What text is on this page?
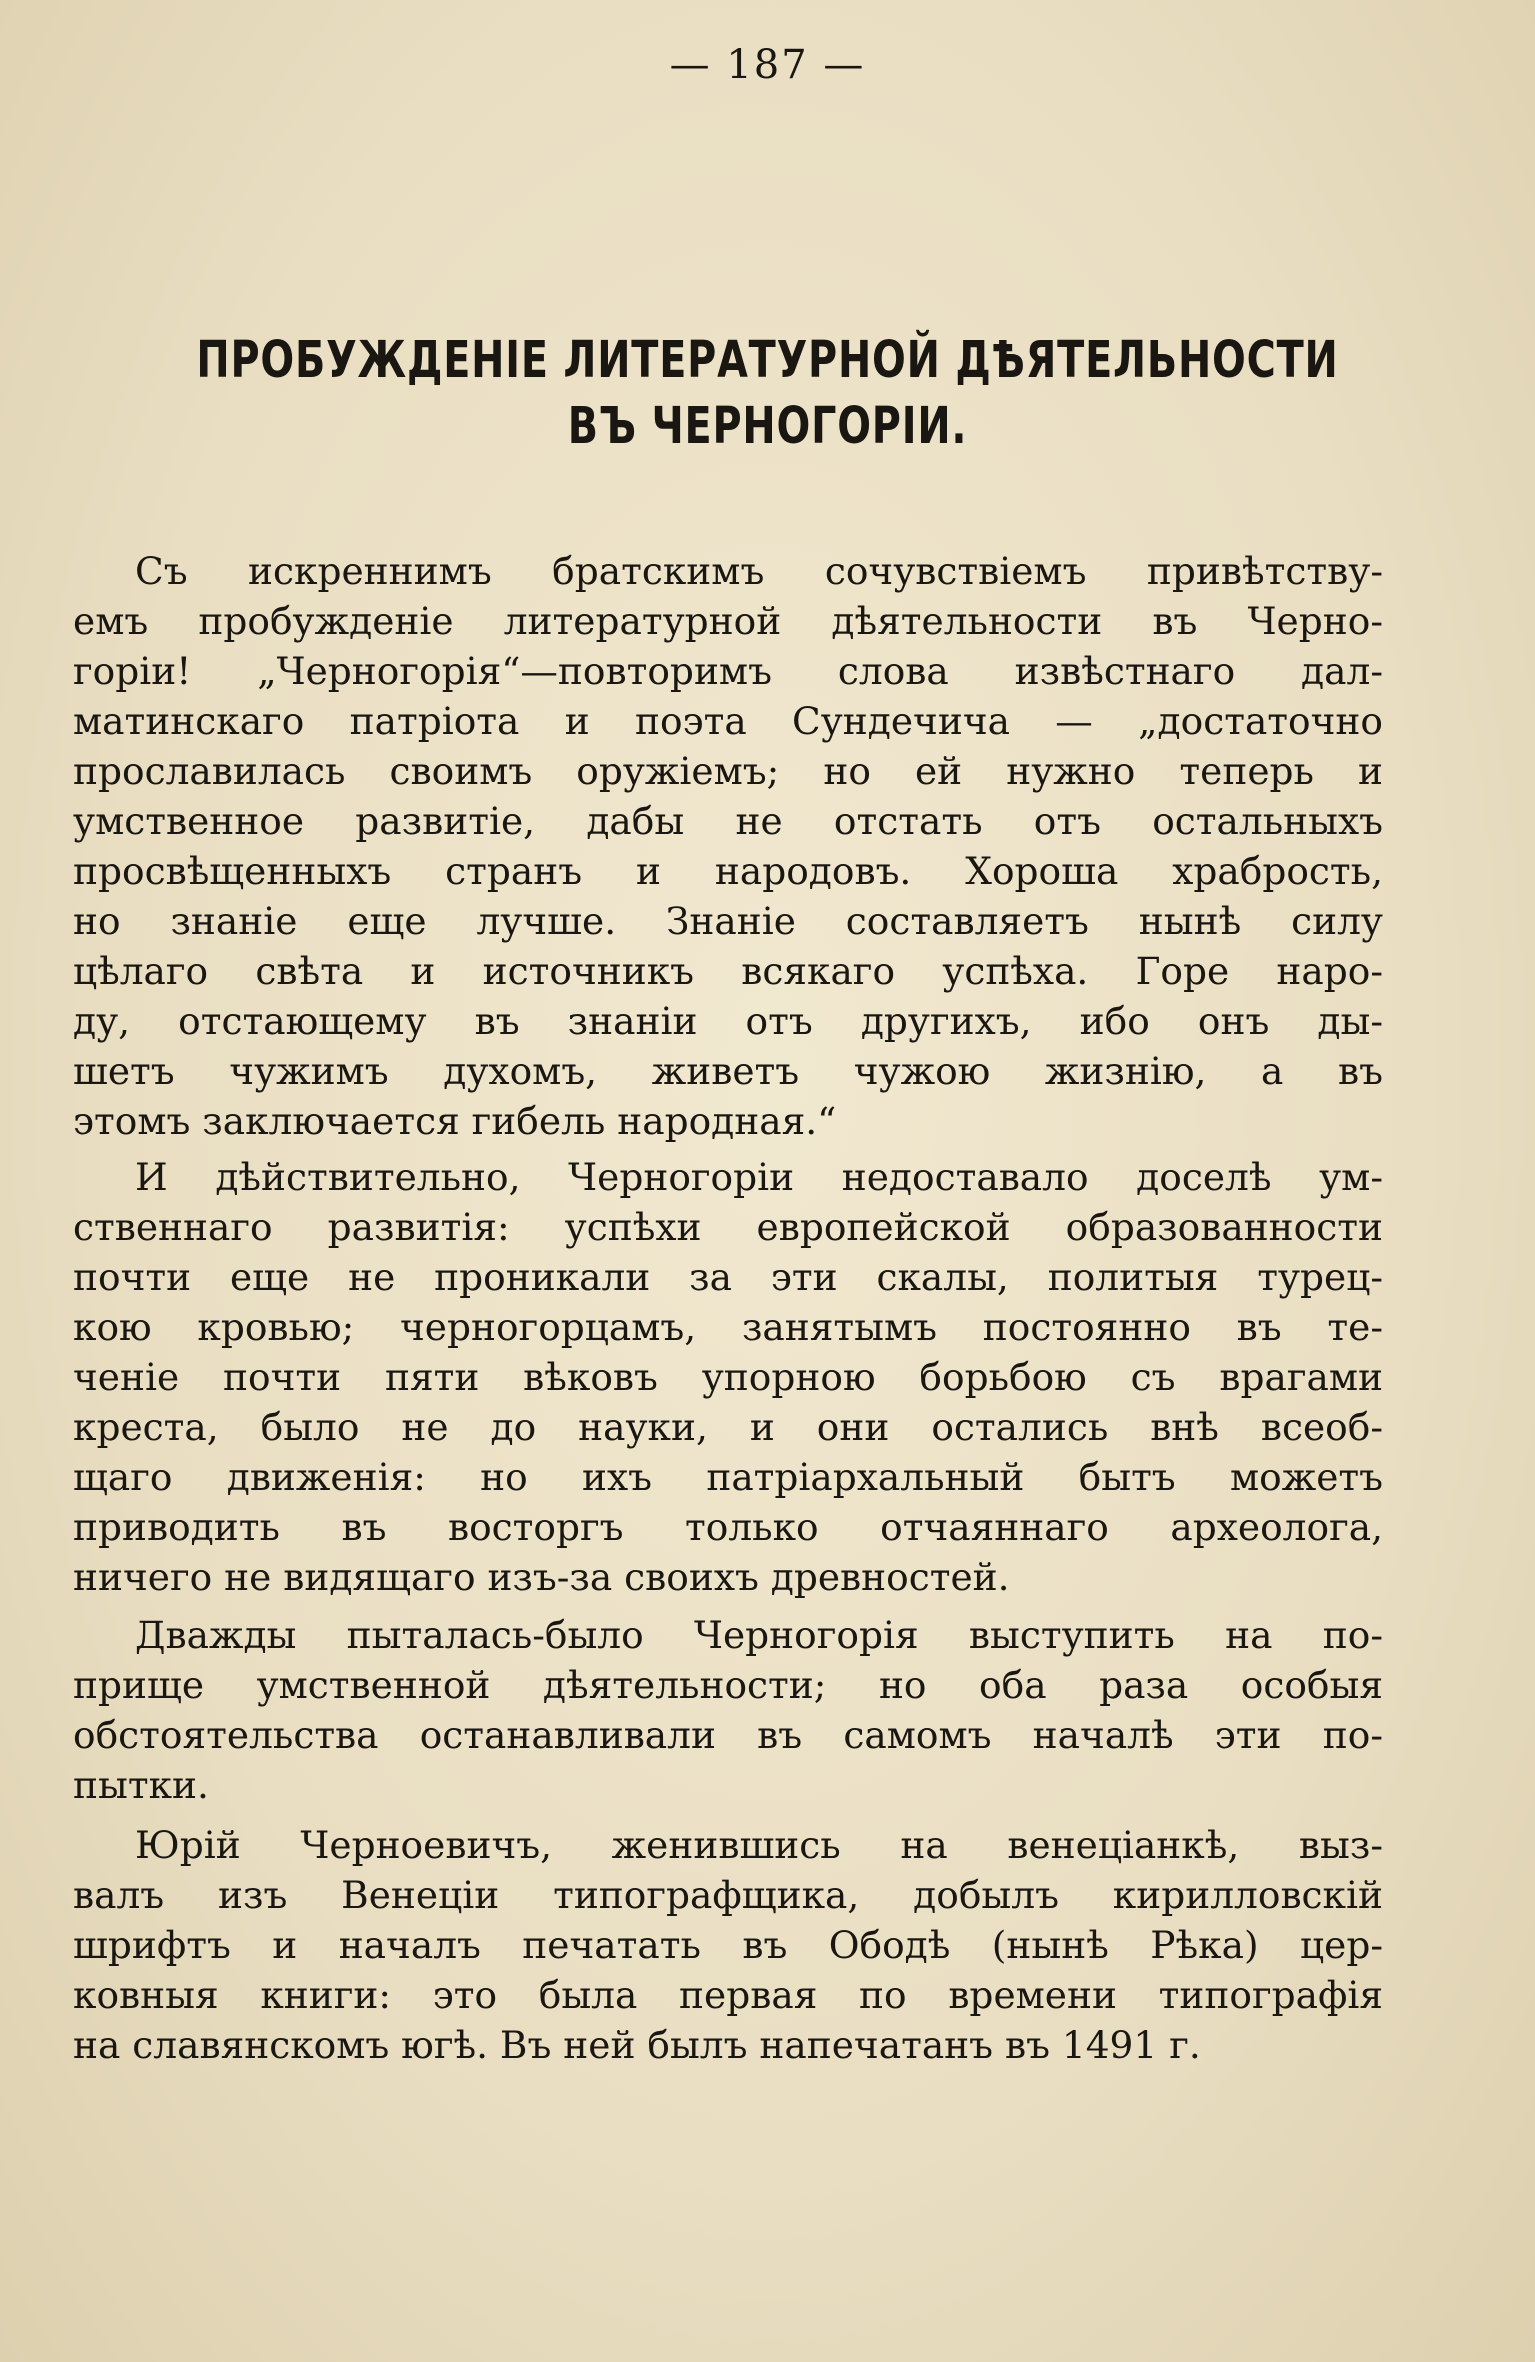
— 187 —
ПРОБУЖДЕНІЕ ЛИТЕРАТУРНОЙ ДѢЯТЕЛЬНОСТИ
ВЪ ЧЕРНОГОРІИ.
Съ искреннимъ братскимъ сочувствіемъ привѣтству-
емъ пробужденіе литературной дѣятельности въ Черно-
горіи! „Черногорія“—повторимъ слова извѣстнаго дал-
матинскаго патріота и поэта Сундечича — „достаточно
прославилась своимъ оружіемъ; но ей нужно теперь и
умственное развитіе, дабы не отстать отъ остальныхъ
просвѣщенныхъ странъ и народовъ. Хороша храбрость,
но знаніе еще лучше. Знаніе составляетъ нынѣ силу
цѣлаго свѣта и источникъ всякаго успѣха. Горе наро-
ду, отстающему въ знаніи отъ другихъ, ибо онъ ды-
шетъ чужимъ духомъ, живетъ чужою жизнію, а въ
этомъ заключается гибель народная.“
И дѣйствительно, Черногоріи недоставало доселѣ ум-
ственнаго развитія: успѣхи европейской образованности
почти еще не проникали за эти скалы, политыя турец-
кою кровью; черногорцамъ, занятымъ постоянно въ те-
ченіе почти пяти вѣковъ упорною борьбою съ врагами
креста, было не до науки, и они остались внѣ всеоб-
щаго движенія: но ихъ патріархальный бытъ можетъ
приводить въ восторгъ только отчаяннаго археолога,
ничего не видящаго изъ-за своихъ древностей.
Дважды пыталась-было Черногорія выступить на по-
прище умственной дѣятельности; но оба раза особыя
обстоятельства останавливали въ самомъ началѣ эти по-
пытки.
Юрій Черноевичъ, женившись на венеціанкѣ, выз-
валъ изъ Венеціи типографщика, добылъ кирилловскій
шрифтъ и началъ печатать въ Ободѣ (нынѣ Рѣка) цер-
ковныя книги: это была первая по времени типографія
на славянскомъ югѣ. Въ ней былъ напечатанъ въ 1491 г.
